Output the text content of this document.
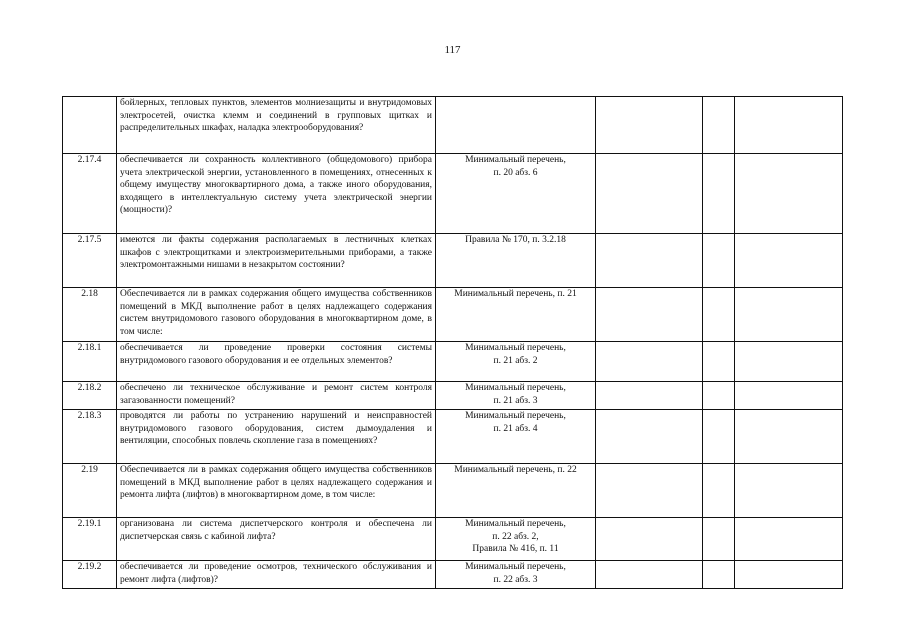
117
	бойлерных, тепловых пунктов, элементов молниезащиты и внутридомовых электросетей, очистка клемм и соединений в групповых щитках и распределительных шкафах, наладка электрооборудования?	

2.17.4	обеспечивается ли сохранность коллективного (общедомового) прибора учета электрической энергии, установленного в помещениях, отнесенных к общему имуществу многоквартирного дома, а также иного оборудования, входящего в интеллектуальную систему учета электрической энергии (мощности)?	Минимальный перечень,
п. 20 абз. 6			

2.17.5	имеются ли факты содержания располагаемых в лестничных клетках шкафов с электрощитками и электроизмерительными приборами, а также электромонтажными нишами в незакрытом состоянии?	Правила № 170, п. 3.2.18			

2.18	Обеспечивается ли в рамках содержания общего имущества собственников помещений в МКД выполнение работ в целях надлежащего содержания систем внутридомового газового оборудования в многоквартирном доме, в том числе:	Минимальный перечень, п. 21			

2.18.1	обеспечивается ли проведение проверки состояния системы внутридомового газового оборудования и ее отдельных элементов?	Минимальный перечень,
п. 21 абз. 2			

2.18.2	обеспечено ли техническое обслуживание и ремонт систем контроля загазованности помещений?	Минимальный перечень,
п. 21 абз. 3			

2.18.3	проводятся ли работы по устранению нарушений и неисправностей внутридомового газового оборудования, систем дымоудаления и вентиляции, способных повлечь скопление газа в помещениях?	Минимальный перечень,
п. 21 абз. 4			

2.19	Обеспечивается ли в рамках содержания общего имущества собственников помещений в МКД выполнение работ в целях надлежащего содержания и ремонта лифта (лифтов) в многоквартирном доме, в том числе:	Минимальный перечень, п. 22			

2.19.1	организована ли система диспетчерского контроля и обеспечена ли диспетчерская связь с кабиной лифта?	Минимальный перечень,
п. 22 абз. 2,
Правила № 416, п. 11			

2.19.2	обеспечивается ли проведение осмотров, технического обслуживания и ремонт лифта (лифтов)?	Минимальный перечень,
п. 22 абз. 3			
